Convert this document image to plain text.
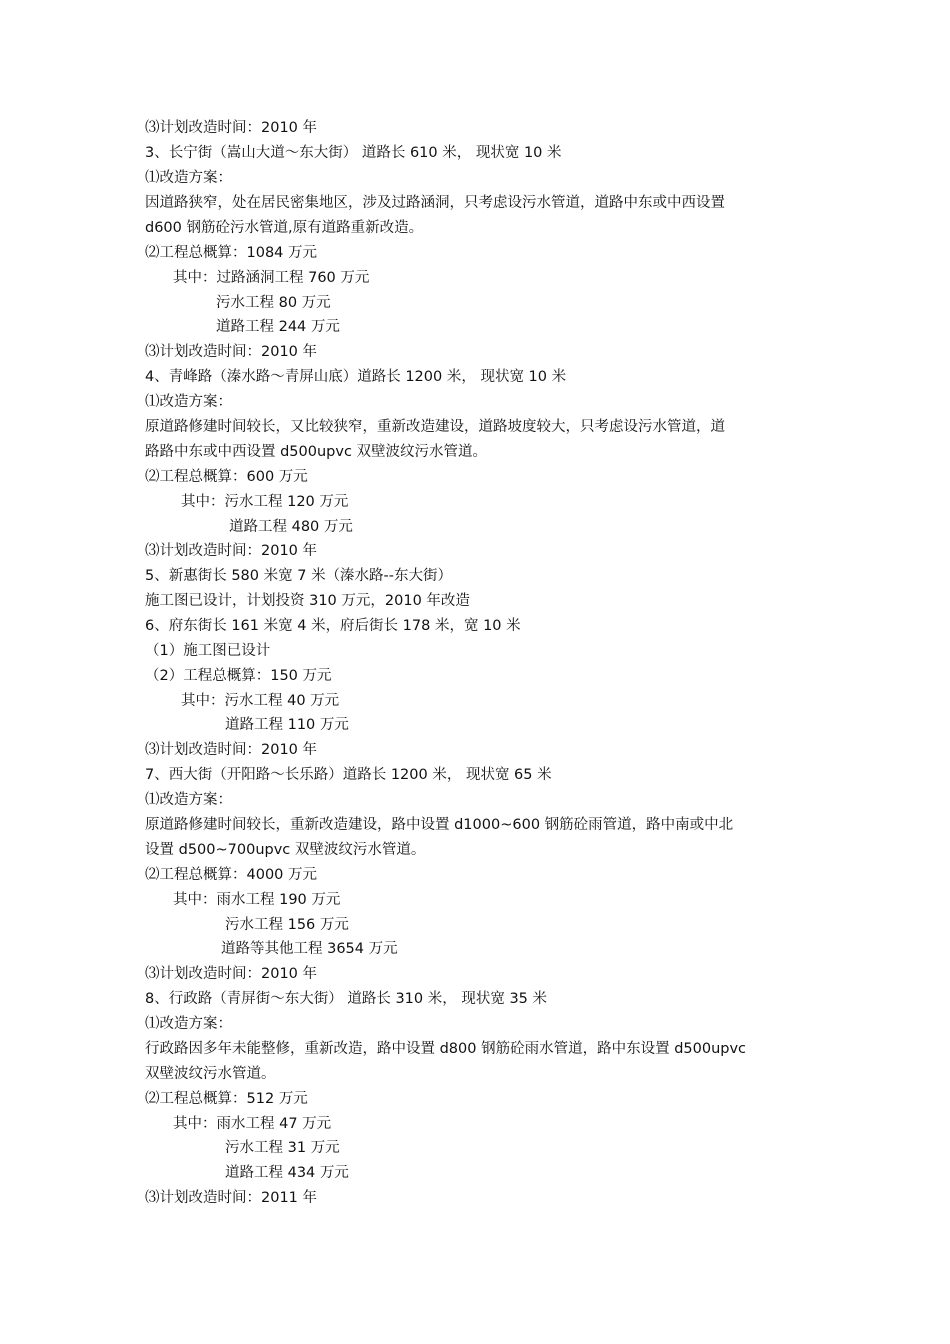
⑶计划改造时间：2010 年
3、长宁街（嵩山大道～东大街） 道路长 610 米， 现状宽 10 米
⑴改造方案：
因道路狭窄，处在居民密集地区，涉及过路涵洞，只考虑设污水管道，道路中东或中西设置
d600 钢筋砼污水管道,原有道路重新改造。
⑵工程总概算：1084 万元
其中：过路涵洞工程 760 万元
污水工程 80 万元
道路工程 244 万元
⑶计划改造时间：2010 年
4、青峰路（溱水路～青屏山底）道路长 1200 米， 现状宽 10 米
⑴改造方案：
原道路修建时间较长，又比较狭窄，重新改造建设，道路坡度较大，只考虑设污水管道，道
路路中东或中西设置 d500upvc 双壁波纹污水管道。
⑵工程总概算：600 万元
其中：污水工程 120 万元
道路工程 480 万元
⑶计划改造时间：2010 年
5、新惠街长 580 米宽 7 米（溱水路--东大街）
施工图已设计，计划投资 310 万元，2010 年改造
6、府东街长 161 米宽 4 米，府后街长 178 米，宽 10 米
（1）施工图已设计
（2）工程总概算：150 万元
其中：污水工程 40 万元
道路工程 110 万元
⑶计划改造时间：2010 年
7、西大街（开阳路～长乐路）道路长 1200 米， 现状宽 65 米
⑴改造方案：
原道路修建时间较长，重新改造建设，路中设置 d1000~600 钢筋砼雨管道，路中南或中北
设置 d500~700upvc 双壁波纹污水管道。
⑵工程总概算：4000 万元
其中：雨水工程 190 万元
污水工程 156 万元
道路等其他工程 3654 万元
⑶计划改造时间：2010 年
8、行政路（青屏街～东大街） 道路长 310 米， 现状宽 35 米
⑴改造方案：
行政路因多年未能整修，重新改造，路中设置 d800 钢筋砼雨水管道，路中东设置 d500upvc
双壁波纹污水管道。
⑵工程总概算：512 万元
其中：雨水工程 47 万元
污水工程 31 万元
道路工程 434 万元
⑶计划改造时间：2011 年
